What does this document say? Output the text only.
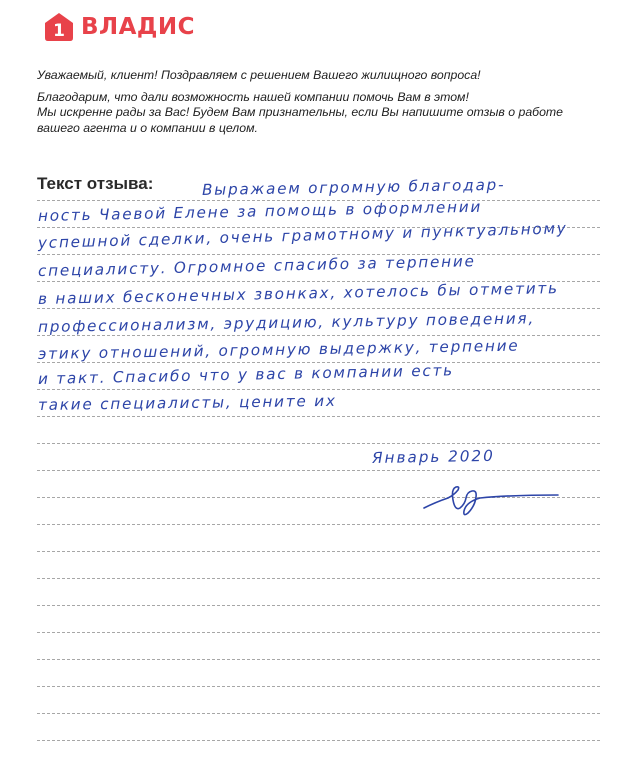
1 ВЛАДИС

Уважаемый, клиент! Поздравляем с решением Вашего жилищного вопроса!

Благодарим, что дали возможность нашей компании помочь Вам в этом!

Мы искренне рады за Вас! Будем Вам признательны, если Вы напишите отзыв о работе

вашего агента и о компании в целом.

Текст отзыва:	Выражаем огромную благодар-
ность Чаевой Елене за помощь в оформлении
успешной сделки, очень грамотному и пунктуальному
специалисту. Огромное спасибо за терпение
в наших бесконечных звонках, хотелось бы отметить
профессионализм, эрудицию, культуру поведения,
этику отношений, огромную выдержку, терпение
и такт. Спасибо что у вас в компании есть
такие специалисты, цените их
Январь 2020
